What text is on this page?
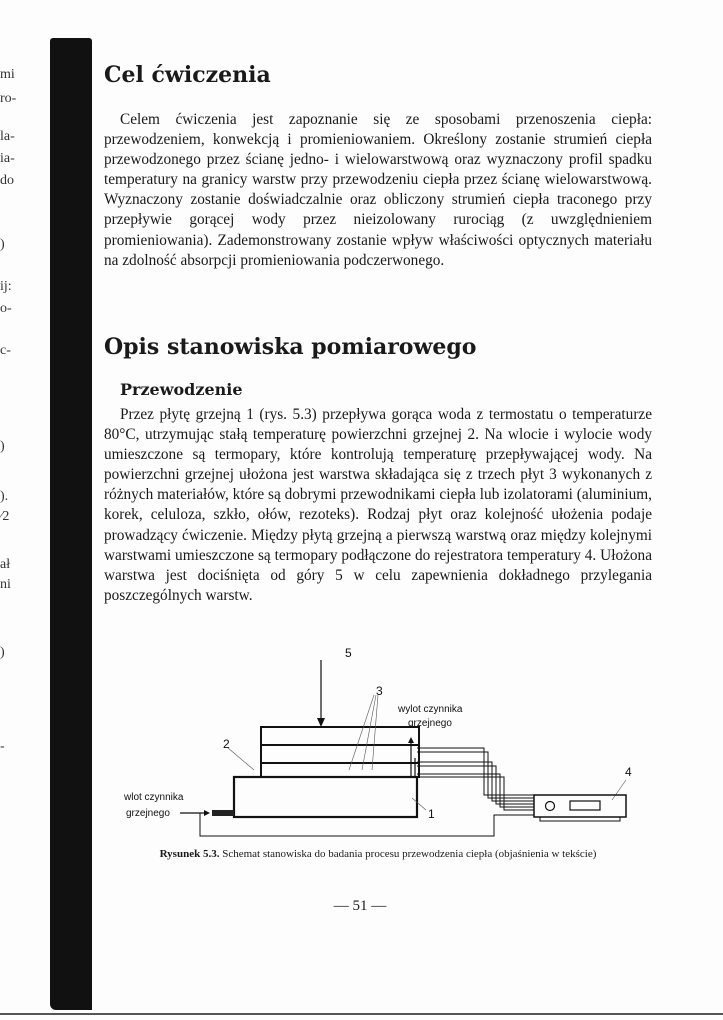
mi
ro-
la-
ia-
do
)
ij:
o-
c-
)
).
⁄2
ał
ni
)
-
Cel ćwiczenia

Celem ćwiczenia jest zapoznanie się ze sposobami przenoszenia ciepła: przewodzeniem, konwekcją i promieniowaniem. Określony zostanie strumień ciepła przewodzonego przez ścianę jedno- i wielowarstwową oraz wyznaczony profil spadku temperatury na granicy warstw przy przewodzeniu ciepła przez ścianę wielowarstwową. Wyznaczony zostanie doświadczalnie oraz obliczony strumień ciepła traconego przy przepływie gorącej wody przez nieizolowany rurociąg (z uwzględnieniem promieniowania). Zademonstrowany zostanie wpływ właściwości optycznych materiału na zdolność absorpcji promieniowania podczerwonego.

Opis stanowiska pomiarowego
Przewodzenie

Przez płytę grzejną 1 (rys. 5.3) przepływa gorąca woda z termostatu o temperaturze 80°C, utrzymując stałą temperaturę powierzchni grzejnej 2. Na wlocie i wylocie wody umieszczone są termopary, które kontrolują temperaturę przepływającej wody. Na powierzchni grzejnej ułożona jest warstwa składająca się z trzech płyt 3 wykonanych z różnych materiałów, które są dobrymi przewodnikami ciepła lub izolatorami (aluminium, korek, celuloza, szkło, ołów, rezoteks). Rodzaj płyt oraz kolejność ułożenia podaje prowadzący ćwiczenie. Między płytą grzejną a pierwszą warstwą oraz między kolejnymi warstwami umieszczone są termopary podłączone do rejestratora temperatury 4. Ułożona warstwa jest dociśnięta od góry 5 w celu zapewnienia dokładnego przylegania poszczególnych warstw.

5
3
2
1
4
wylot czynnika
grzejnego
wlot czynnika
grzejnego

Rysunek 5.3. Schemat stanowiska do badania procesu przewodzenia ciepła (objaśnienia w tekście)

— 51 —
